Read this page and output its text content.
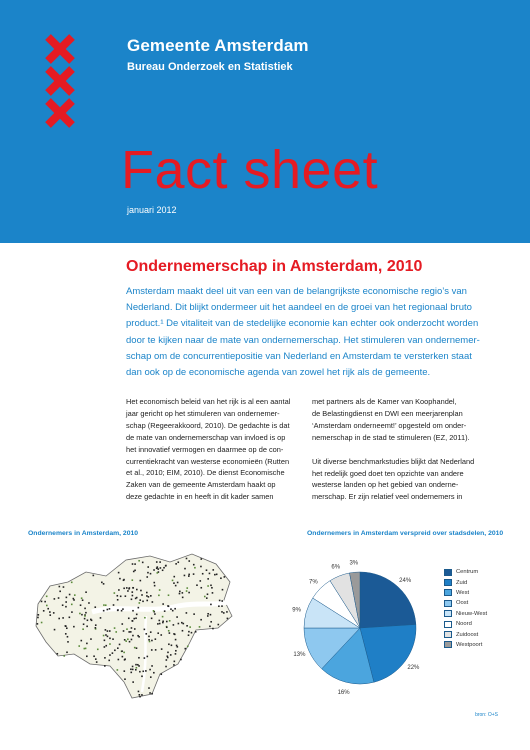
Gemeente Amsterdam
Bureau Onderzoek en Statistiek
Fact sheet
januari 2012
Ondernemerschap in Amsterdam, 2010

Amsterdam maakt deel uit van een van de belangrijkste economische regio’s van

Nederland. Dit blijkt ondermeer uit het aandeel en de groei van het regionaal bruto

product.¹ De vitaliteit van de stedelijke economie kan echter ook onderzocht worden

door te kijken naar de mate van ondernemerschap. Het stimuleren van ondernemer-

schap om de concurrentiepositie van Nederland en Amsterdam te versterken staat

dan ook op de economische agenda van zowel het rijk als de gemeente.

Het economisch beleid van het rijk is al een aantal

jaar gericht op het stimuleren van ondernemer-

schap (Regeerakkoord, 2010). De gedachte is dat

de mate van ondernemerschap van invloed is op

het innovatief vermogen en daarmee op de con-

currentiekracht van westerse economieën (Rutten

et al., 2010; EIM, 2010). De dienst Economische

Zaken van de gemeente Amsterdam haakt op

deze gedachte in en heeft in dit kader samen

met partners als de Kamer van Koophandel,

de Belastingdienst en DWI een meerjarenplan

‘Amsterdam onderneemt!’ opgesteld om onder-

nemerschap in de stad te stimuleren (EZ, 2011).

Uit diverse benchmarkstudies blijkt dat Nederland

het redelijk goed doet ten opzichte van andere

westerse landen op het gebied van onderne-

merschap. Er zijn relatief veel ondernemers in

Ondernemers in Amsterdam, 2010	Ondernemers in Amsterdam verspreid over stadsdelen, 2010
24%
22%
16%
13%
9%
7%
6%
3%
Centrum
Zuid
West
Oost
Nieuw-West
Noord
Zuidoost
Westpoort
bron: O+S
